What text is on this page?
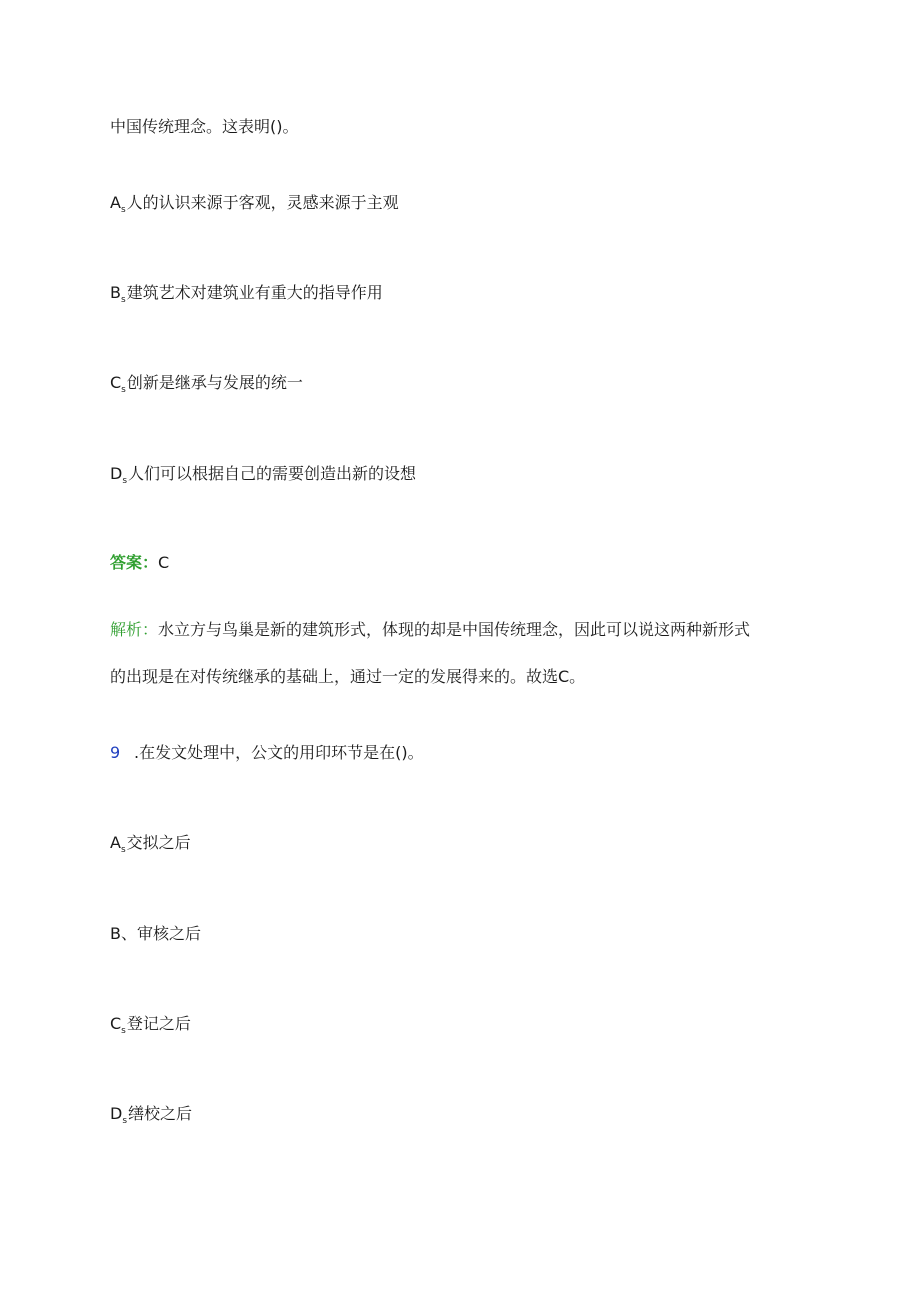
中国传统理念。这表明()。
$A_s$人的认识来源于客观，灵感来源于主观
$B_s$建筑艺术对建筑业有重大的指导作用
$C_s$创新是继承与发展的统一
$D_s$人们可以根据自己的需要创造出新的设想
答案：C
解析：水立方与鸟巢是新的建筑形式，体现的却是中国传统理念，因此可以说这两种新形式
的出现是在对传统继承的基础上，通过一定的发展得来的。故选C。
9 .在发文处理中，公文的用印环节是在()。
$A_s$交拟之后
B、审核之后
$C_s$登记之后
$D_s$缮校之后
